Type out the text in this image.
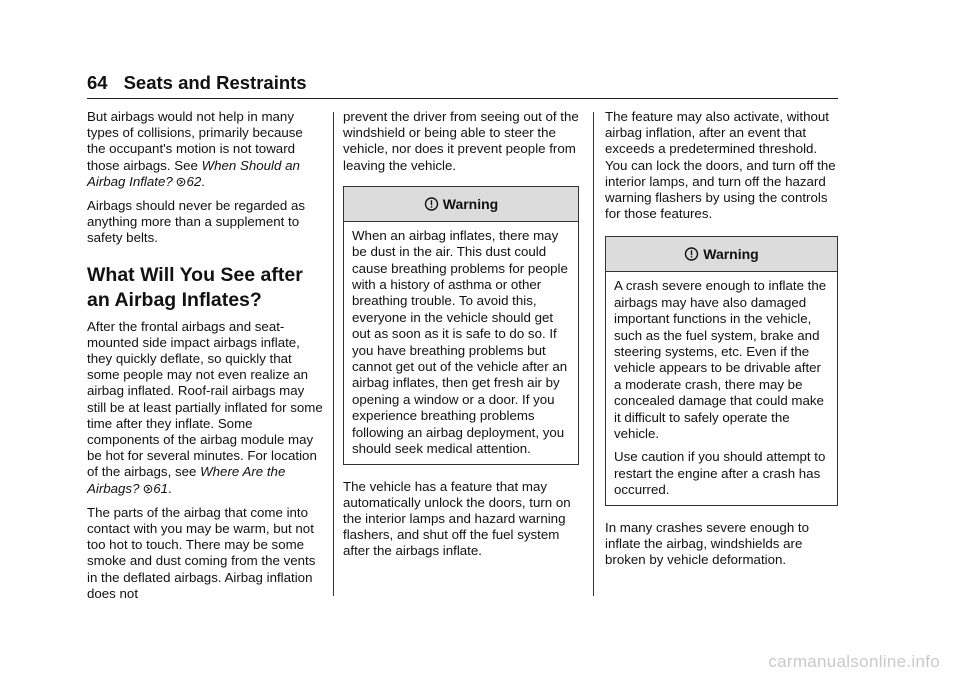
64 Seats and Restraints

But airbags would not help in many types of collisions, primarily because the occupant's motion is not toward those airbags. See When Should an Airbag Inflate? 62.

Airbags should never be regarded as anything more than a supplement to safety belts.

What Will You See after an Airbag Inflates?

After the frontal airbags and seat-mounted side impact airbags inflate, they quickly deflate, so quickly that some people may not even realize an airbag inflated. Roof-rail airbags may still be at least partially inflated for some time after they inflate. Some components of the airbag module may be hot for several minutes. For location of the airbags, see Where Are the Airbags? 61.

The parts of the airbag that come into contact with you may be warm, but not too hot to touch. There may be some smoke and dust coming from the vents in the deflated airbags. Airbag inflation does not

prevent the driver from seeing out of the windshield or being able to steer the vehicle, nor does it prevent people from leaving the vehicle.

Warning

When an airbag inflates, there may be dust in the air. This dust could cause breathing problems for people with a history of asthma or other breathing trouble. To avoid this, everyone in the vehicle should get out as soon as it is safe to do so. If you have breathing problems but cannot get out of the vehicle after an airbag inflates, then get fresh air by opening a window or a door. If you experience breathing problems following an airbag deployment, you should seek medical attention.

The vehicle has a feature that may automatically unlock the doors, turn on the interior lamps and hazard warning flashers, and shut off the fuel system after the airbags inflate.

The feature may also activate, without airbag inflation, after an event that exceeds a predetermined threshold. You can lock the doors, and turn off the interior lamps, and turn off the hazard warning flashers by using the controls for those features.

Warning

A crash severe enough to inflate the airbags may have also damaged important functions in the vehicle, such as the fuel system, brake and steering systems, etc. Even if the vehicle appears to be drivable after a moderate crash, there may be concealed damage that could make it difficult to safely operate the vehicle.

Use caution if you should attempt to restart the engine after a crash has occurred.

In many crashes severe enough to inflate the airbag, windshields are broken by vehicle deformation.

carmanualsonline.info
